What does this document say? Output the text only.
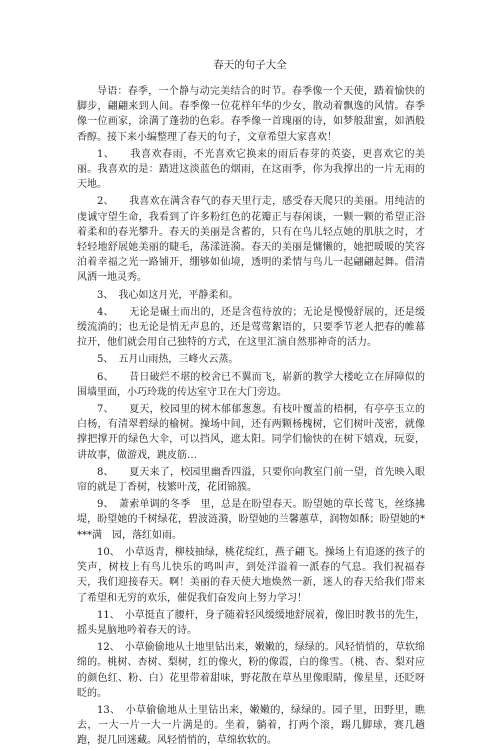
春天的句子大全

导语：春季，一个静与动完美结合的时节。春季像一个天使，踏着愉快的脚步，翩翩来到人间。春季像一位花样年华的少女，散动着飘逸的风情。春季像一位画家，涂满了蓬勃的色彩。春季像一首瑰丽的诗，如梦般甜蜜，如酒般香醇。接下来小编整理了春天的句子，文章希望大家喜欢！

1、　　我喜欢春雨，不光喜欢它换来的雨后春芽的英姿，更喜欢它的美丽。我喜欢的是：踏进这淡蓝色的烟雨，在这雨季，你为我撑出的一片无雨的天地。

2、　　我喜欢在满含春气的春天里行走，感受春天爬只的美丽。用纯洁的虔诚守望生命，我看到了许多粉红色的花瓣正与春闲谈，一颗一颗的希望正浴着柔和的春光攀升。春天的美丽是含蓄的，只有在鸟儿轻点她的肌肤之时，才轻轻地舒展她美丽的睫毛，荡漾涟漪。春天的美丽是慵懒的，她把暖暖的笑容泊着幸福之光一路铺开，绷够如仙境，透明的柔情与鸟儿一起翩翩起舞。借清风洒一地灵秀。

3、　我心如这月光，平静柔和。

4、　　无论是碾土而出的，还是含苞待放的；无论是慢慢舒展的，还是缓缓流淌的；也无论是悄无声息的，还是莺莺絮语的，只要季节老人把春的帷幕拉开，他们就会用自己独特的方式，在这里汇演自然那神奇的活力。

5、　五月山雨热，三峰火云蒸。

6、　　昔日破烂不堪的校舍已不翼而飞，崭新的教学大楼屹立在屏障似的围墙里面，小巧玲珑的传达室守卫在大门旁边。

7、　　夏天，校园里的树木郁郁葱葱。有枝叶覆盖的梧桐，有亭亭玉立的白杨，有清翠碧绿的榆树。操场中间，还有两颗杨槐树，它们树叶茂密，就像撑把撑开的绿色大伞，可以挡风，遮太阳。同学们愉快的在树下嬉戏，玩耍，讲故事，做游戏，跳皮筋…

8、　　夏天来了，校园里幽香四溢，只要你向教室门前一望，首先映入眼帘的就是丁香树，枝繁叶茂，花团锦簇。

9、　萧索单调的冬季　里，总是在盼望春天。盼望她的草长莺飞，丝绦拂堤，盼望她的千树绿花，碧波涟漪，盼望她的兰馨蕙草，润物如酥；盼望她的****满　园，落红如雨。

10、　小草返青，柳枝抽绿，桃花绽红，燕子翩飞。操场上有追逐的孩子的笑声，树枝上有鸟儿快乐的鸣叫声，到处洋溢着一派春的气息。我们祝福春天，我们迎接春天。啊！美丽的春天使大地焕然一新，迷人的春天给我们带来了希望和无穷的欢乐，催促我们奋发向上努力学习！

11、　小草挺直了腰杆，身子随着轻风缓缓地舒展着，像旧时教书的先生，摇头晃脑地吟着春天的诗。

12、　小草偷偷地从土地里钻出来，嫩嫩的，绿绿的。风轻悄悄的，草软绵绵的。桃树、杏树、梨树，红的像火，粉的像霞，白的像雪。（桃、杏、梨对应的颜色红、粉、白）花里带着甜味，野花散在草丛里像眼睛，像星星，还眨呀眨的。

13、　小草偷偷地从土里钻出来，嫩嫩的，绿绿的。园子里，田野里，瞧去，一大一片一大一片满是的。坐着，躺着，打两个滚，踢几脚球，赛几趟跑，捉几回迷藏。风轻悄悄的，草绵软软的。
